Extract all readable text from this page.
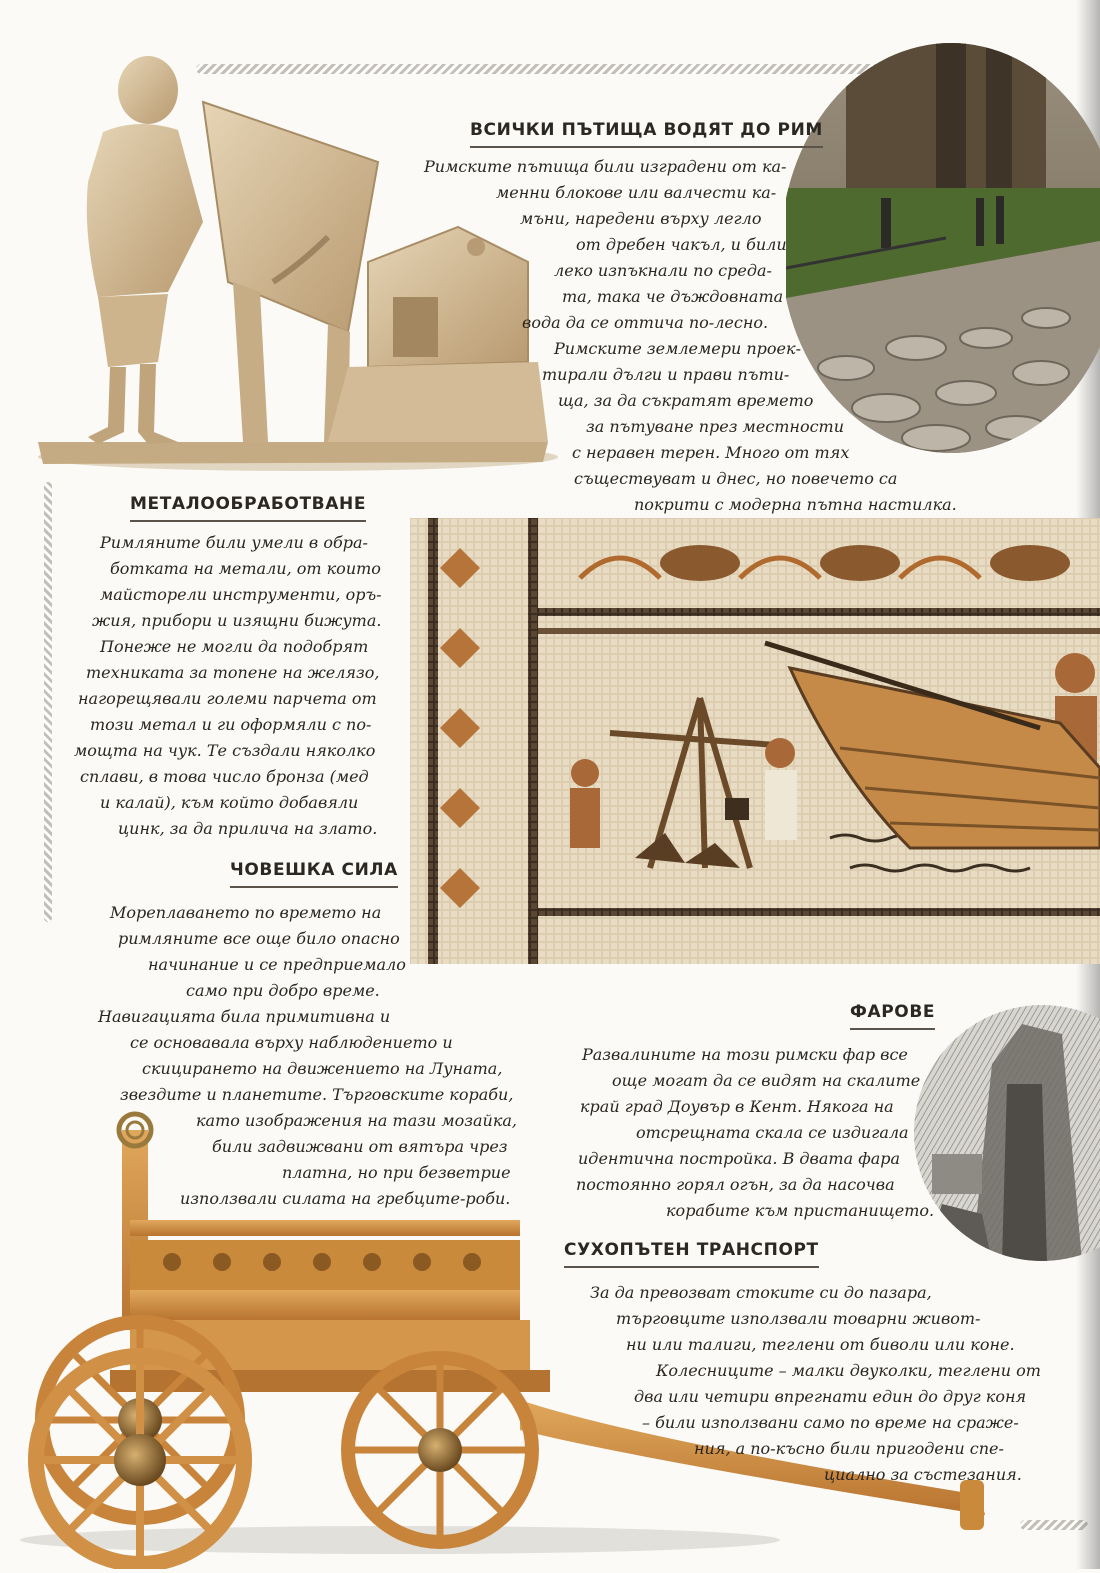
ВСИЧКИ ПЪТИЩА ВОДЯТ ДО РИМ
Римските пътища били изградени от ка-
менни блокове или валчести ка-
мъни, наредени върху легло
от дребен чакъл, и били
леко изпъкнали по среда-
та, така че дъждовната
вода да се оттича по-лесно.
Римските землемери проек-
тирали дълги и прави пъти-
ща, за да съкратят времето
за пътуване през местности
с неравен терен. Много от тях
съществуват и днес, но повечето са
покрити с модерна пътна настилка.
МЕТАЛООБРАБОТВАНЕ
Римляните били умели в обра-
ботката на метали, от които
майсторели инструменти, оръ-
жия, прибори и изящни бижута.
Понеже не могли да подобрят
техниката за топене на желязо,
нагорещявали големи парчета от
този метал и ги оформяли с по-
мощта на чук. Те създали няколко
сплави, в това число бронза (мед
и калай), към който добавяли
цинк, за да прилича на злато.
ЧОВЕШКА СИЛА
Мореплаването по времето на
римляните все още било опасно
начинание и се предприемало
само при добро време.
Навигацията била примитивна и
се основавала върху наблюдението и
скицирането на движението на Луната,
звездите и планетите. Търговските кораби,
като изображения на тази мозайка,
били задвижвани от вятъра чрез
платна, но при безветрие
използвали силата на гребците-роби.
ФАРОВЕ
Развалините на този римски фар все
още могат да се видят на скалите
край град Доувър в Кент. Някога на
отсрещната скала се издигала
идентична постройка. В двата фара
постоянно горял огън, за да насочва
корабите към пристанището.
СУХОПЪТЕН ТРАНСПОРТ
За да превозват стоките си до пазара,
търговците използвали товарни живот-
ни или талиги, теглени от биволи или коне.
Колесниците – малки двуколки, теглени от
два или четири впрегнати един до друг коня
– били използвани само по време на сраже-
ния, а по-късно били пригодени спе-
циално за състезания.
